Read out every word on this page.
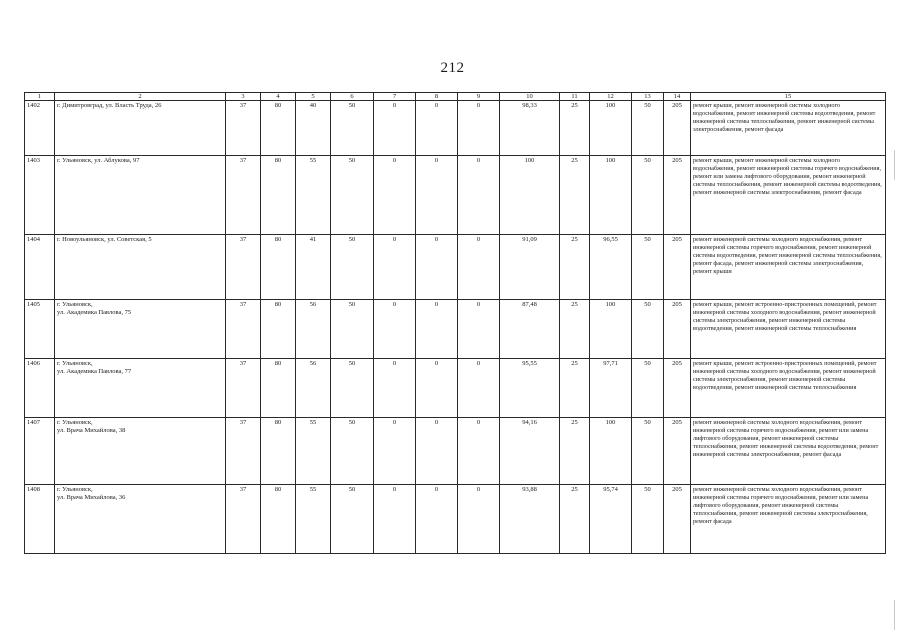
212
1	2	3	4	5	6	7	8	9	10	11	12	13	14	15
1402	г. Димитровград, ул. Власть Труда, 26	37	80	40	50	0	0	0	98,33	25	100	50	205	ремонт крыши, ремонт инженерной системы холодного водоснабжения, ремонт инженерной системы водоотведения, ремонт инженерной системы теплоснабжения, ремонт инженерной системы электроснабжения, ремонт фасада
1403	г. Ульяновск, ул. Аблукова, 97	37	80	55	50	0	0	0	100	25	100	50	205	ремонт крыши, ремонт инженерной системы холодного водоснабжения, ремонт инженерной системы горячего водоснабжения, ремонт или замена лифтового оборудования, ремонт инженерной системы теплоснабжения, ремонт инженерной системы водоотведения, ремонт инженерной системы электроснабжения, ремонт фасада
1404	г. Новоульяновск, ул. Советская, 5	37	80	41	50	0	0	0	91,09	25	96,55	50	205	ремонт инженерной системы холодного водоснабжения, ремонт инженерной системы горячего водоснабжения, ремонт инженерной системы водоотведения, ремонт инженерной системы теплоснабжения, ремонт фасада, ремонт инженерной системы электроснабжения, ремонт крыши
1405	г. Ульяновск,
ул. Академика Павлова, 75	37	80	56	50	0	0	0	87,48	25	100	50	205	ремонт крыши, ремонт встроенно-пристроенных помещений, ремонт инженерной системы холодного водоснабжения, ремонт инженерной системы электроснабжения, ремонт инженерной системы водоотведения, ремонт инженерной системы теплоснабжения
1406	г. Ульяновск,
ул. Академика Павлова, 77	37	80	56	50	0	0	0	95,55	25	97,71	50	205	ремонт крыши, ремонт встроенно-пристроенных помещений, ремонт инженерной системы холодного водоснабжения, ремонт инженерной системы электроснабжения, ремонт инженерной системы водоотведения, ремонт инженерной системы теплоснабжения
1407	г. Ульяновск,
ул. Врача Михайлова, 38	37	80	55	50	0	0	0	94,16	25	100	50	205	ремонт инженерной системы холодного водоснабжения, ремонт инженерной системы горячего водоснабжения, ремонт или замена лифтового оборудования, ремонт инженерной системы теплоснабжения, ремонт инженерной системы водоотведения, ремонт инженерной системы электроснабжения, ремонт фасада
1408	г. Ульяновск,
ул. Врача Михайлова, 36	37	80	55	50	0	0	0	93,88	25	95,74	50	205	ремонт инженерной системы холодного водоснабжения, ремонт инженерной системы горячего водоснабжения, ремонт или замена лифтового оборудования, ремонт инженерной системы теплоснабжения, ремонт инженерной системы электроснабжения, ремонт фасада
